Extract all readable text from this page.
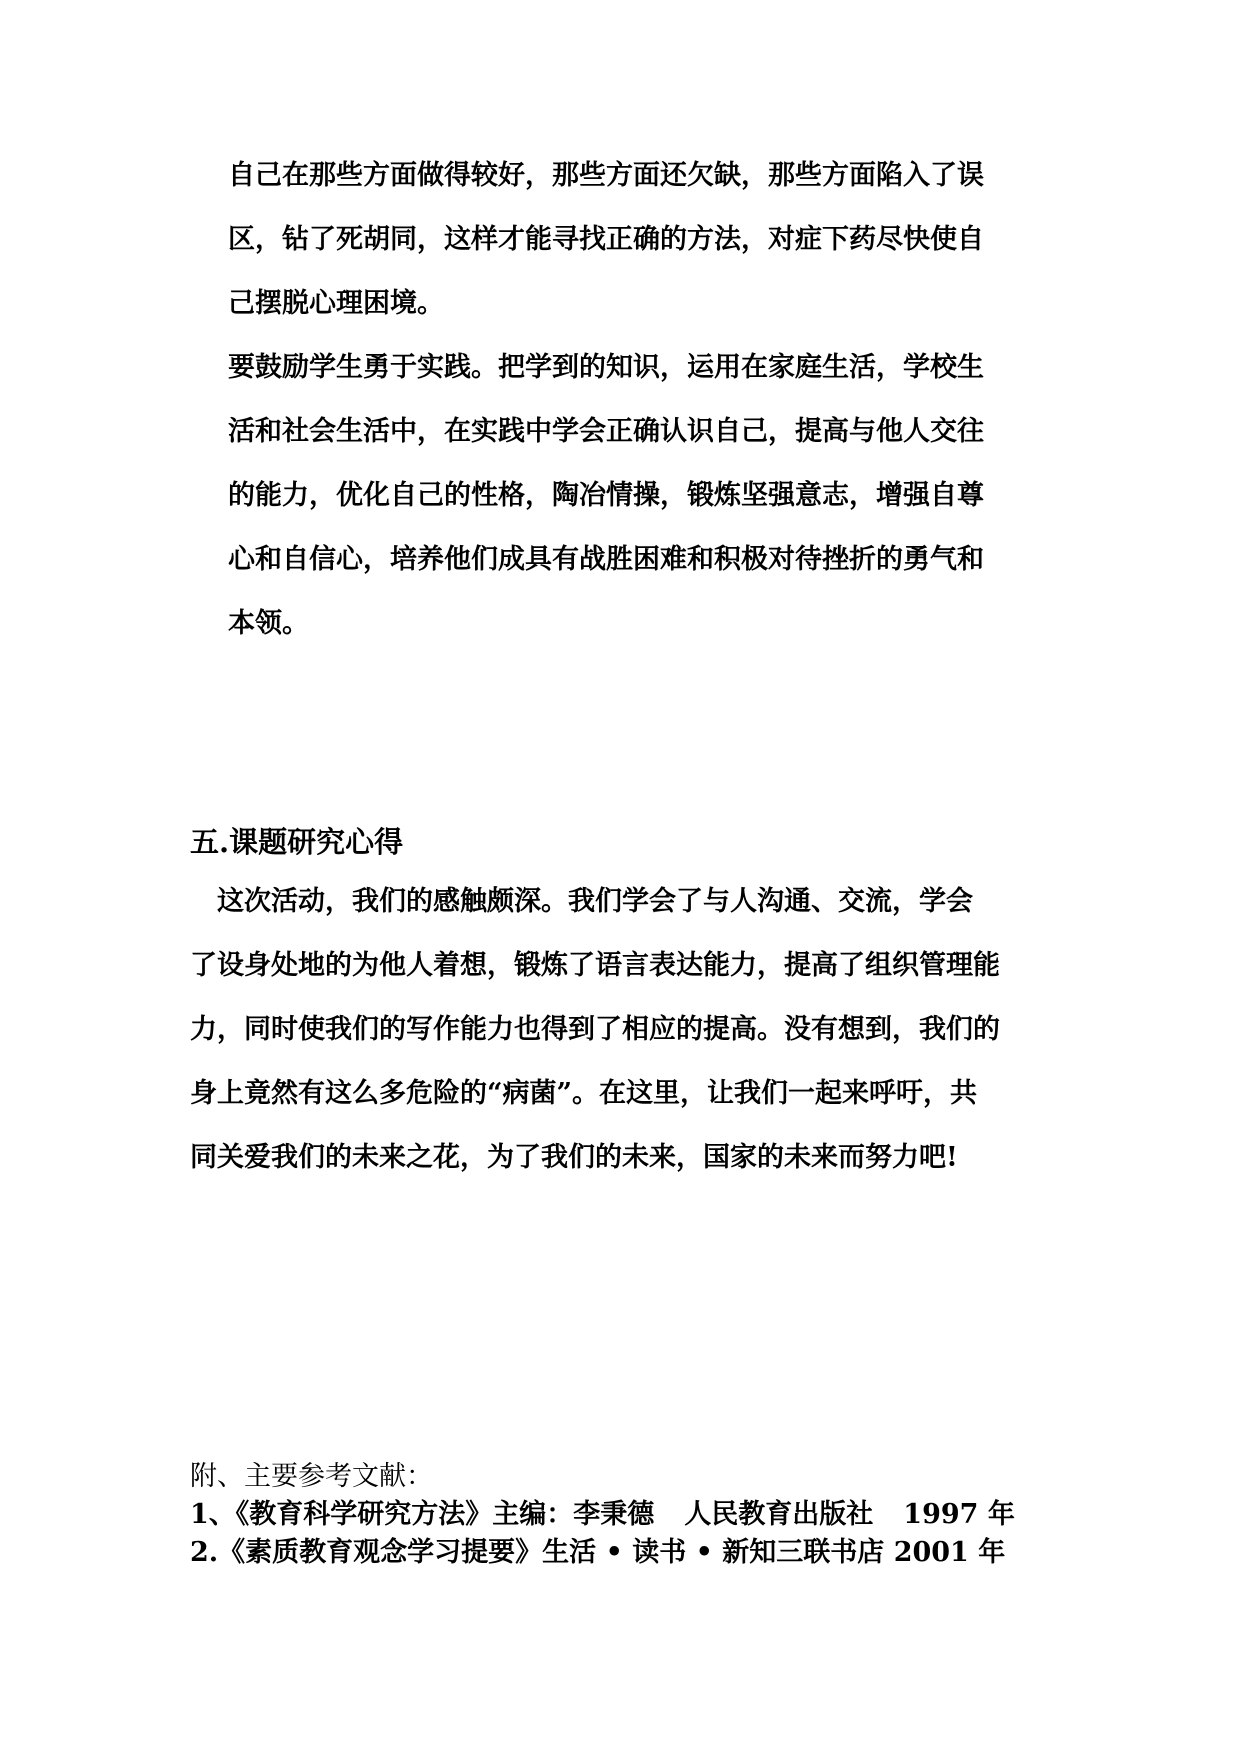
自己在那些方面做得较好，那些方面还欠缺，那些方面陷入了误

区，钻了死胡同，这样才能寻找正确的方法，对症下药尽快使自

己摆脱心理困境。

要鼓励学生勇于实践。把学到的知识，运用在家庭生活，学校生

活和社会生活中，在实践中学会正确认识自己，提高与他人交往

的能力，优化自己的性格，陶冶情操，锻炼坚强意志，增强自尊

心和自信心，培养他们成具有战胜困难和积极对待挫折的勇气和

本领。

五.课题研究心得

　这次活动，我们的感触颇深。我们学会了与人沟通、交流，学会

了设身处地的为他人着想，锻炼了语言表达能力，提高了组织管理能

力，同时使我们的写作能力也得到了相应的提高。没有想到，我们的

身上竟然有这么多危险的“病菌”。在这里，让我们一起来呼吁，共

同关爱我们的未来之花，为了我们的未来，国家的未来而努力吧!

附、主要参考文献：

1、《教育科学研究方法》主编：李秉德 人民教育出版社 1997 年

2.《素质教育观念学习提要》生活 • 读书 • 新知三联书店 2001 年
